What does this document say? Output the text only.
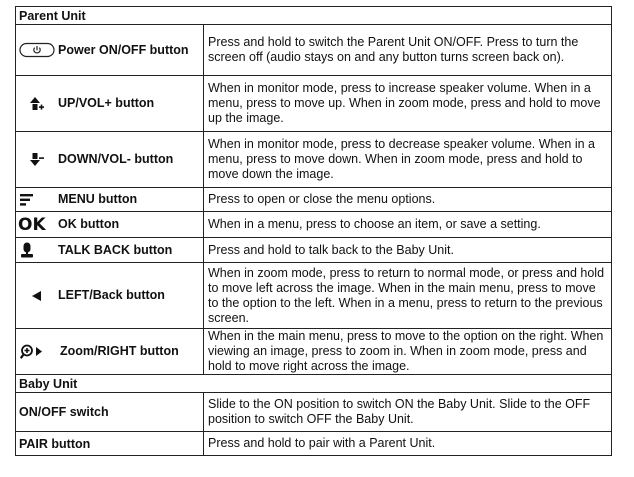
Parent Unit	

Power ON/OFF button	Press and hold to switch the Parent Unit ON/OFF. Press to turn the screen off (audio stays on and any button turns screen back on).

UP/VOL+ button	When in monitor mode, press to increase speaker volume. When in a menu, press to move up. When in zoom mode, press and hold to move up the image.

DOWN/VOL- button	When in monitor mode, press to decrease speaker volume. When in a menu, press to move down. When in zoom mode, press and hold to move down the image.

MENU button	Press to open or close the menu options.

OK OK button	When in a menu, press to choose an item, or save a setting.

TALK BACK button	Press and hold to talk back to the Baby Unit.

LEFT/Back button	When in zoom mode, press to return to normal mode, or press and hold to move left across the image. When in the main menu, press to move to the option to the left. When in a menu, press to return to the previous screen.

Zoom/RIGHT button	When in the main menu, press to move to the option on the right. When viewing an image, press to zoom in. When in zoom mode, press and hold to move right across the image.
Baby Unit	
ON/OFF switch	Slide to the ON position to switch ON the Baby Unit. Slide to the OFF position to switch OFF the Baby Unit.
PAIR button	Press and hold to pair with a Parent Unit.
